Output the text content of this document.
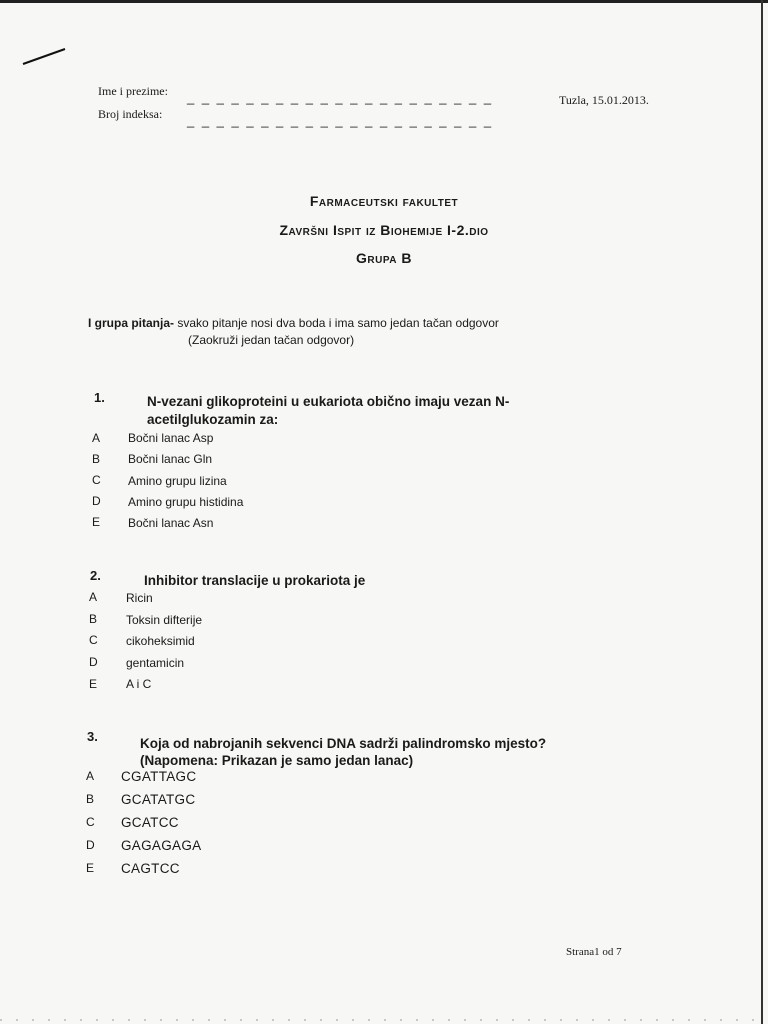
Ime i prezime: _ _ _ _ _ _ _ _ _ _ _ _ _ _ _ _ _ _ _ _ _
Broj indeksa: _ _ _ _ _ _ _ _ _ _ _ _ _ _ _ _ _ _ _ _ _
Tuzla, 15.01.2013.
Farmaceutski fakultet
Završni Ispit iz Biohemije I-2.dio
Grupa B
I grupa pitanja- svako pitanje nosi dva boda i ima samo jedan tačan odgovor
(Zaokruži jedan tačan odgovor)
1.	N-vezani glikoproteini u eukariota obično imaju vezan N-acetilglukozamin za:
A Bočni lanac Asp
B Bočni lanac Gln
C Amino grupu lizina
D Amino grupu histidina
E Bočni lanac Asn
2.	Inhibitor translacije u prokariota je
A Ricin
B Toksin difterije
C cikoheksimid
D gentamicin
E A i C
3.	Koja od nabrojanih sekvenci DNA sadrži palindromsko mjesto?
(Napomena: Prikazan je samo jedan lanac)
A CGATTAGC
B GCATATGC
C GCATCC
D GAGAGAGA
E CAGTCC
Strana1 od 7
